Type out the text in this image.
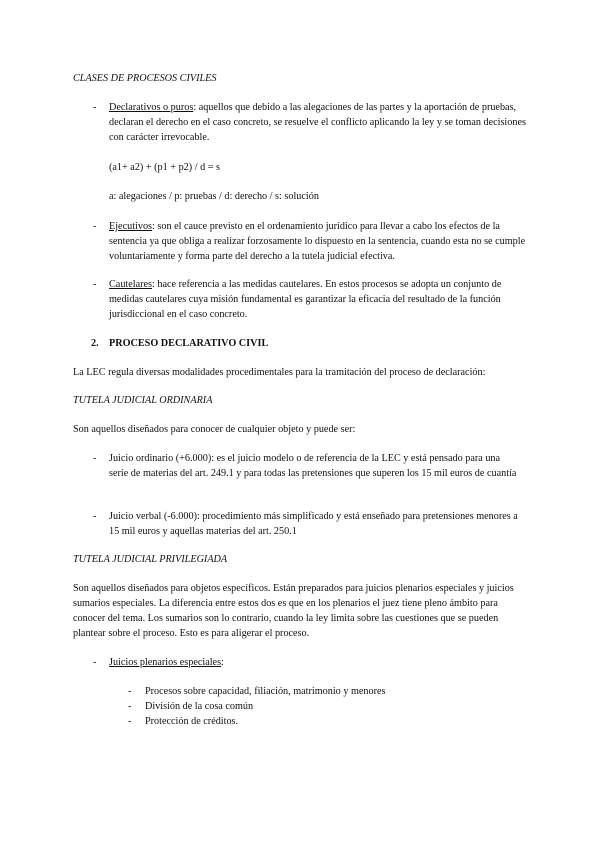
CLASES DE PROCESOS CIVILES
- Declarativos o puros: aquellos que debido a las alegaciones de las partes y la aportación de pruebas, declaran el derecho en el caso concreto, se resuelve el conflicto aplicando la ley y se toman decisiones con carácter irrevocable.
(a1+ a2) + (p1 + p2) / d = s
a: alegaciones / p: pruebas / d: derecho / s: solución
- Ejecutivos: son el cauce previsto en el ordenamiento jurídico para llevar a cabo los efectos de la sentencia ya que obliga a realizar forzosamente lo dispuesto en la sentencia, cuando esta no se cumple voluntariamente y forma parte del derecho a la tutela judicial efectiva.
- Cautelares: hace referencia a las medidas cautelares. En estos procesos se adopta un conjunto de medidas cautelares cuya misión fundamental es garantizar la eficacia del resultado de la función jurisdiccional en el caso concreto.
2. PROCESO DECLARATIVO CIVIL
La LEC regula diversas modalidades procedimentales para la tramitación del proceso de declaración:
TUTELA JUDICIAL ORDINARIA
Son aquellos diseñados para conocer de cualquier objeto y puede ser:
- Juicio ordinario (+6.000): es el juicio modelo o de referencia de la LEC y está pensado para una serie de materias del art. 249.1 y para todas las pretensiones que superen los 15 mil euros de cuantía
- Juicio verbal (-6.000): procedimiento más simplificado y está enseñado para pretensiones menores a 15 mil euros y aquellas materias del art. 250.1
TUTELA JUDICIAL PRIVILEGIADA
Son aquellos diseñados para objetos específicos. Están preparados para juicios plenarios especiales y juicios sumarios especiales. La diferencia entre estos dos es que en los plenarios el juez tiene pleno ámbito para conocer del tema. Los sumarios son lo contrario, cuando la ley limita sobre las cuestiones que se pueden plantear sobre el proceso. Esto es para aligerar el proceso.
- Juicios plenarios especiales:
- Procesos sobre capacidad, filiación, matrimonio y menores
- División de la cosa común
- Protección de créditos.
